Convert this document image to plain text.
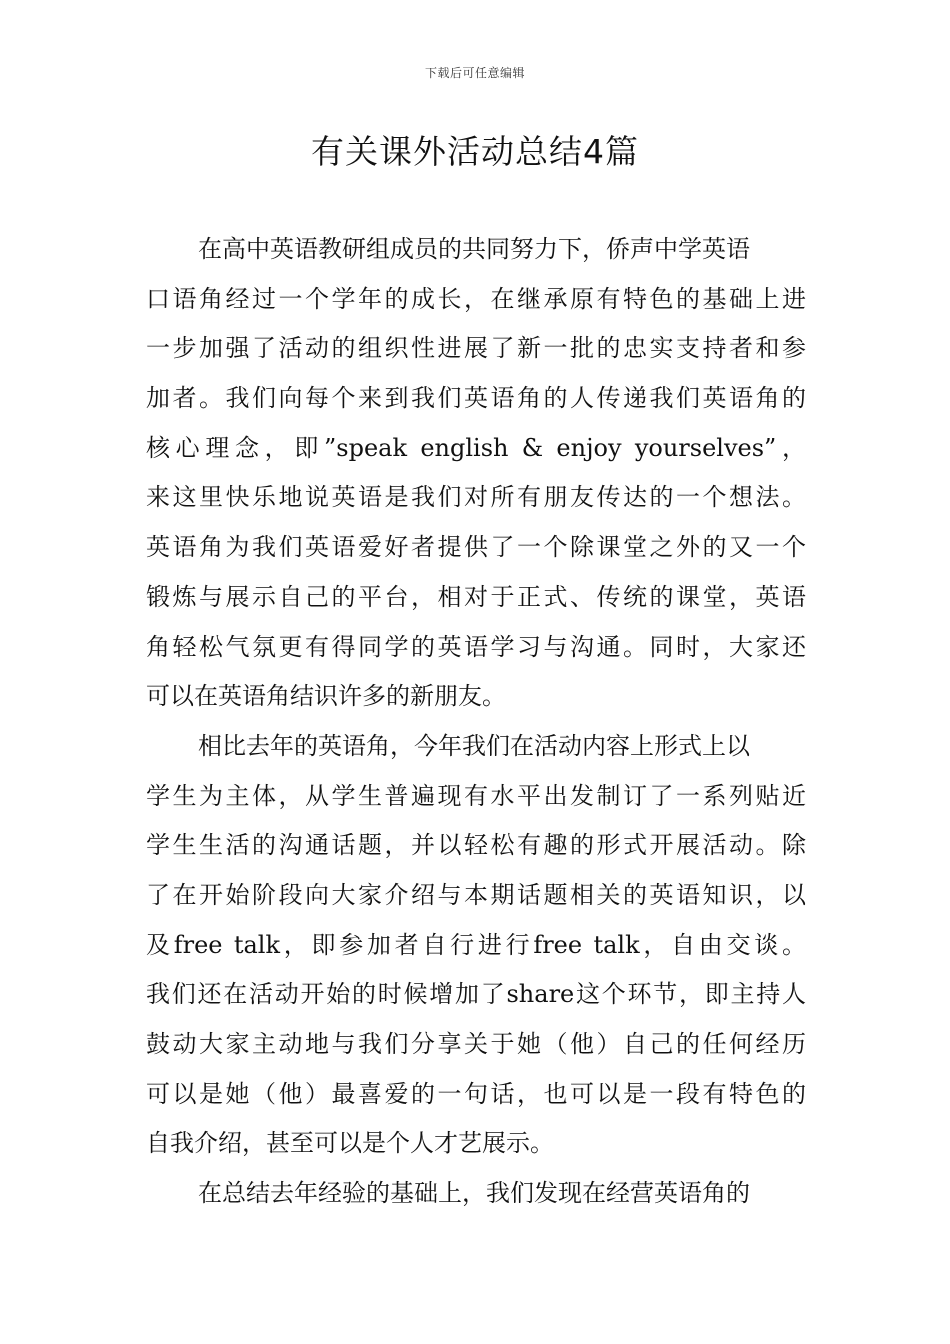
下载后可任意编辑
有关课外活动总结4篇
在高中英语教研组成员的共同努力下，侨声中学英语
口语角经过一个学年的成长，在继承原有特色的基础上进
一步加强了活动的组织性进展了新一批的忠实支持者和参
加者。我们向每个来到我们英语角的人传递我们英语角的
核心理念，即”speak english & enjoy yourselves”，
来这里快乐地说英语是我们对所有朋友传达的一个想法。
英语角为我们英语爱好者提供了一个除课堂之外的又一个
锻炼与展示自己的平台，相对于正式、传统的课堂，英语
角轻松气氛更有得同学的英语学习与沟通。同时，大家还
可以在英语角结识许多的新朋友。
相比去年的英语角，今年我们在活动内容上形式上以
学生为主体，从学生普遍现有水平出发制订了一系列贴近
学生生活的沟通话题，并以轻松有趣的形式开展活动。除
了在开始阶段向大家介绍与本期话题相关的英语知识，以
及free talk，即参加者自行进行free talk，自由交谈。
我们还在活动开始的时候增加了share这个环节，即主持人
鼓动大家主动地与我们分享关于她（他）自己的任何经历
可以是她（他）最喜爱的一句话，也可以是一段有特色的
自我介绍，甚至可以是个人才艺展示。
在总结去年经验的基础上，我们发现在经营英语角的
